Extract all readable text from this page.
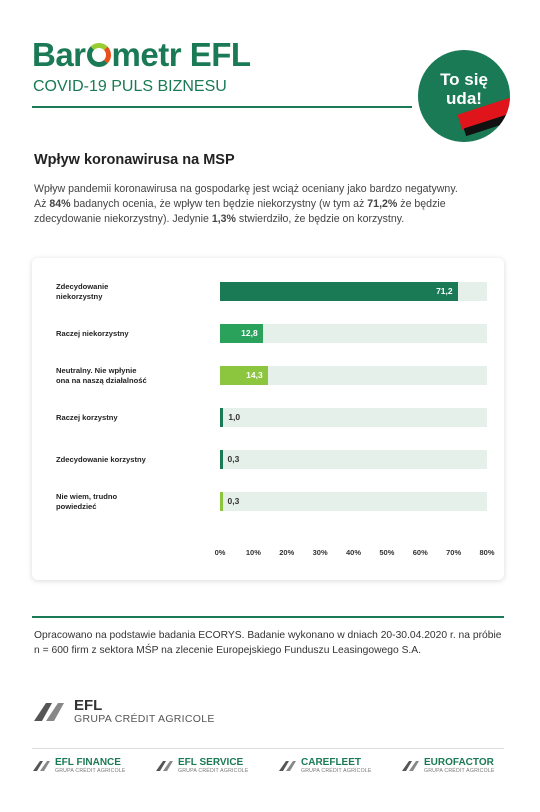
Bar metr EFL
COVID-19 PULS BIZNESU	To się
uda!
Wpływ koronawirusa na MSP
Wpływ pandemii koronawirusa na gospodarkę jest wciąż oceniany jako bardzo negatywny.
Aż 84% badanych ocenia, że wpływ ten będzie niekorzystny (w tym aż 71,2% że będzie
zdecydowanie niekorzystny). Jedynie 1,3% stwierdziło, że będzie on korzystny.
Zdecydowanie
niekorzystny	71,2
Raczej niekorzystny	12,8
Neutralny. Nie wpłynie
ona na naszą działalność	14,3
Raczej korzystny	1,0
Zdecydowanie korzystny	0,3
Nie wiem, trudno
powiedzieć	0,3
0%	10%	20%	30%	40%	50%	60%	70%	80%
Opracowano na podstawie badania ECORYS. Badanie wykonano w dniach 20-30.04.2020 r. na próbie
n = 600 firm z sektora MŚP na zlecenie Europejskiego Funduszu Leasingowego S.A.
EFL
GRUPA CRÉDIT AGRICOLE
EFL FINANCE
GRUPA CRÉDIT AGRICOLE
EFL SERVICE
GRUPA CRÉDIT AGRICOLE
CAREFLEET
GRUPA CRÉDIT AGRICOLE
EUROFACTOR
GRUPA CRÉDIT AGRICOLE
